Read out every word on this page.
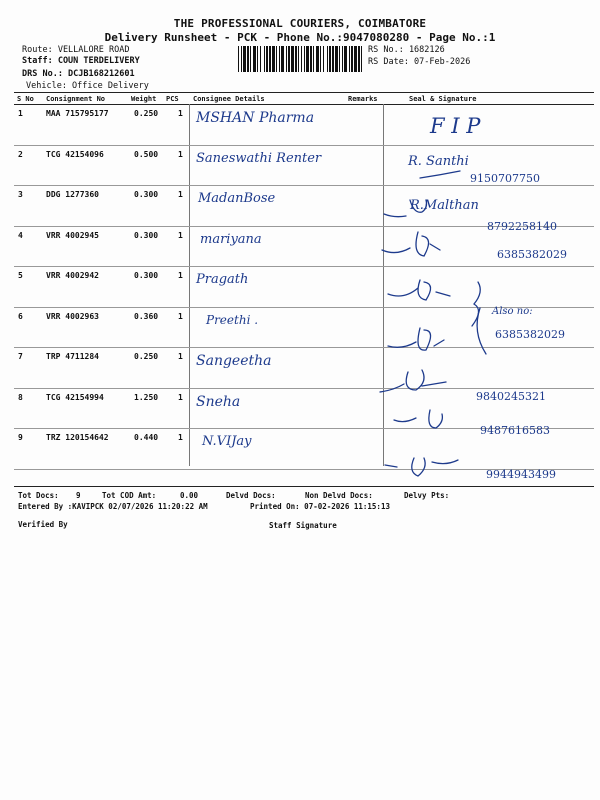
THE PROFESSIONAL COURIERS, COIMBATORE
Delivery Runsheet - PCK - Phone No.:9047080280 - Page No.:1
Route: VELLALORE ROAD
Staff: COUN TERDELIVERY
DRS No.: DCJB168212601
Vehicle: Office Delivery
RS No.: 1682126
RS Date: 07-Feb-2026
S No Consignment No	Weight PCS Consignee Details	Remarks	Seal & Signature
1	MAA 715795177	0.250 1 MSHAN Pharma
2	TCG 42154096	0.500 1 Saneswathi Renter
9150707750
3	DDG 1277360	0.300 1 MadanBose
8792258140
4	VRR 4002945	0.300 1 mariyana
6385382029
5	VRR 4002942	0.300 1 Pragath
6	VRR 4002963	0.360 1 Preethi .
6385382029
7	TRP 4711284	0.250 1 Sangeetha
9840245321
8	TCG 42154994	1.250 1 Sneha
9487616583
9	TRZ 120154642	0.440 1 N.VIJay
9944943499
F I P
R. Santhi
R.Malthan
Also no:
Tot Docs: 9	Tot COD Amt:	0.00	Delvd Docs:	Non Delvd Docs:	Delvy Pts:
Entered By :KAVIPCK 02/07/2026 11:20:22 AM	Printed On: 07-02-2026 11:15:13
Verified By	Staff Signature
